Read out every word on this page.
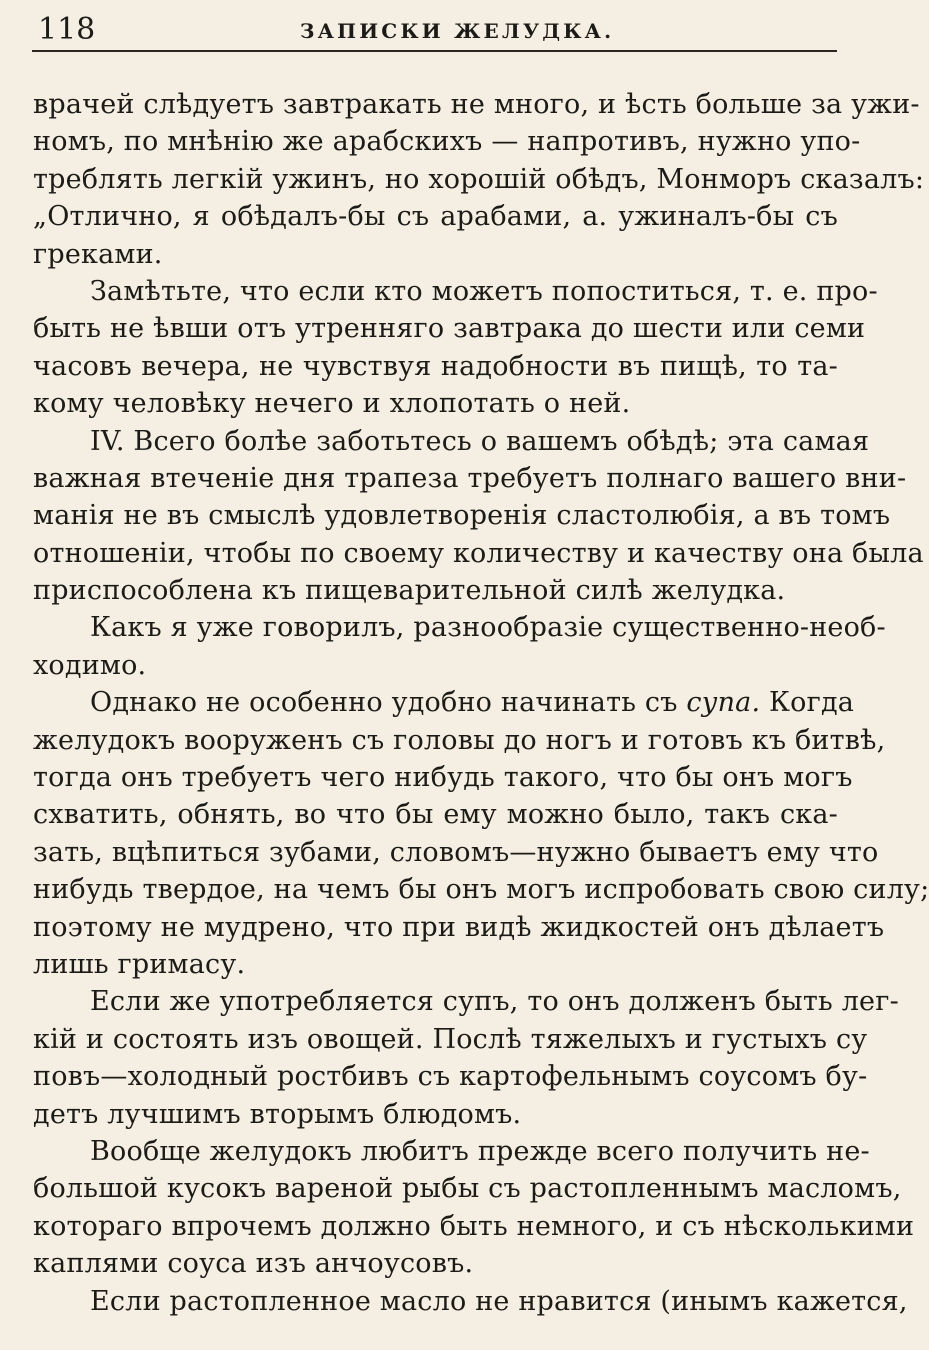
118	ЗАПИСКИ ЖЕЛУДКА.
врачей слѣдуетъ завтракать не много, и ѣсть больше за ужи-
номъ, по мнѣнію же арабскихъ — напротивъ, нужно упо-
треблять легкій ужинъ, но хорошій обѣдъ, Монморъ сказалъ:
„Отлично, я обѣдалъ-бы съ арабами, а. ужиналъ-бы съ
греками.
Замѣтьте, что если кто можетъ попоститься, т. е. про-
быть не ѣвши отъ утренняго завтрака до шести или семи
часовъ вечера, не чувствуя надобности въ пищѣ, то та-
кому человѣку нечего и хлопотать о ней.
IV. Всего болѣе заботьтесь о вашемъ обѣдѣ; эта самая
важная втеченіе дня трапеза требуетъ полнаго вашего вни-
манія не въ смыслѣ удовлетворенія сластолюбія, а въ томъ
отношеніи, чтобы по своему количеству и качеству она была
приспособлена къ пищеварительной силѣ желудка.
Какъ я уже говорилъ, разнообразіе существенно-необ-
ходимо.
Однако не особенно удобно начинать съ супа. Когда
желудокъ вооруженъ съ головы до ногъ и готовъ къ битвѣ,
тогда онъ требуетъ чего нибудь такого, что бы онъ могъ
схватить, обнять, во что бы ему можно было, такъ ска-
зать, вцѣпиться зубами, словомъ—нужно бываетъ ему что
нибудь твердое, на чемъ бы онъ могъ испробовать свою силу;
поэтому не мудрено, что при видѣ жидкостей онъ дѣлаетъ
лишь гримасу.
Если же употребляется супъ, то онъ долженъ быть лег-
кій и состоять изъ овощей. Послѣ тяжелыхъ и густыхъ су
повъ—холодный ростбивъ съ картофельнымъ соусомъ бу-
детъ лучшимъ вторымъ блюдомъ.
Вообще желудокъ любитъ прежде всего получить не-
большой кусокъ вареной рыбы съ растопленнымъ масломъ,
котораго впрочемъ должно быть немного, и съ нѣсколькими
каплями соуса изъ анчоусовъ.
Если растопленное масло не нравится (инымъ кажется,
